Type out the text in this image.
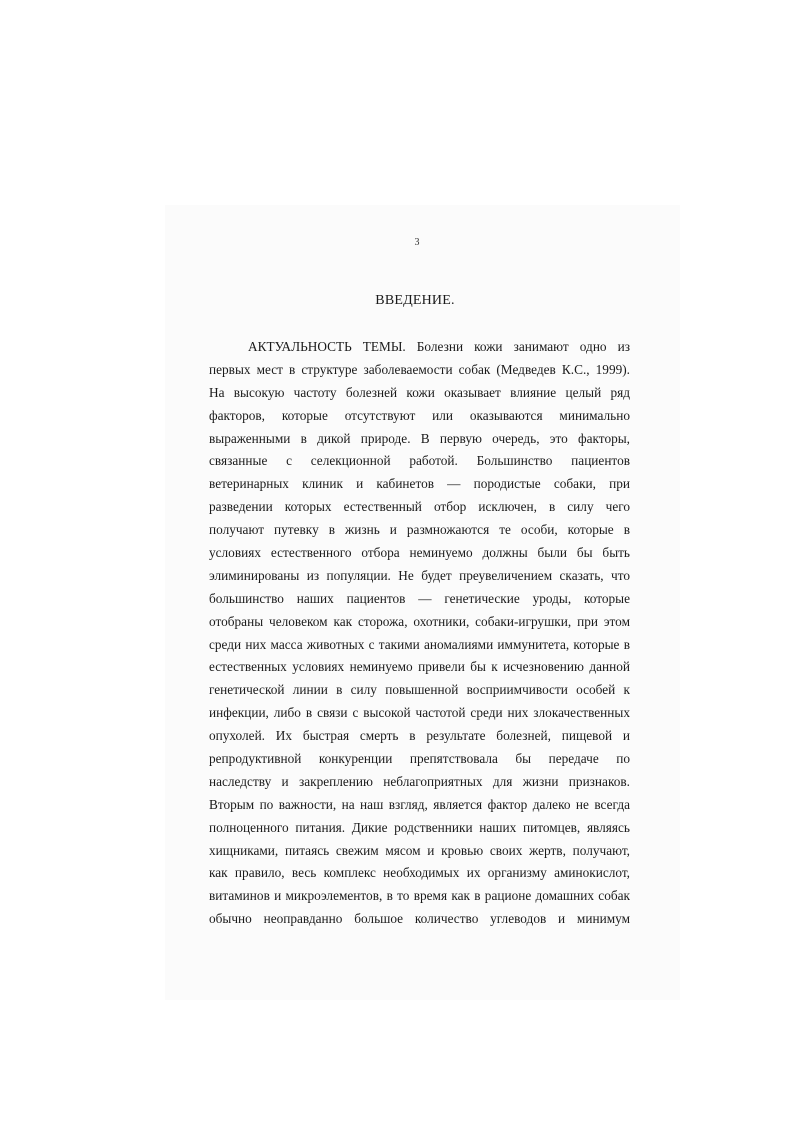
3
ВВЕДЕНИЕ.
АКТУАЛЬНОСТЬ ТЕМЫ. Болезни кожи занимают одно из
первых мест в структуре заболеваемости собак (Медведев К.С., 1999).
На высокую частоту болезней кожи оказывает влияние целый ряд
факторов, которые отсутствуют или оказываются минимально
выраженными в дикой природе. В первую очередь, это факторы,
связанные с селекционной работой. Большинство пациентов
ветеринарных клиник и кабинетов — породистые собаки, при
разведении которых естественный отбор исключен, в силу чего
получают путевку в жизнь и размножаются те особи, которые в
условиях естественного отбора неминуемо должны были бы быть
элиминированы из популяции. Не будет преувеличением сказать, что
большинство наших пациентов — генетические уроды, которые
отобраны человеком как сторожа, охотники, собаки-игрушки, при этом
среди них масса животных с такими аномалиями иммунитета, которые в
естественных условиях неминуемо привели бы к исчезновению данной
генетической линии в силу повышенной восприимчивости особей к
инфекции, либо в связи с высокой частотой среди них злокачественных
опухолей. Их быстрая смерть в результате болезней, пищевой и
репродуктивной конкуренции препятствовала бы передаче по
наследству и закреплению неблагоприятных для жизни признаков.
Вторым по важности, на наш взгляд, является фактор далеко не всегда
полноценного питания. Дикие родственники наших питомцев, являясь
хищниками, питаясь свежим мясом и кровью своих жертв, получают,
как правило, весь комплекс необходимых их организму аминокислот,
витаминов и микроэлементов, в то время как в рационе домашних собак
обычно неоправданно большое количество углеводов и минимум
